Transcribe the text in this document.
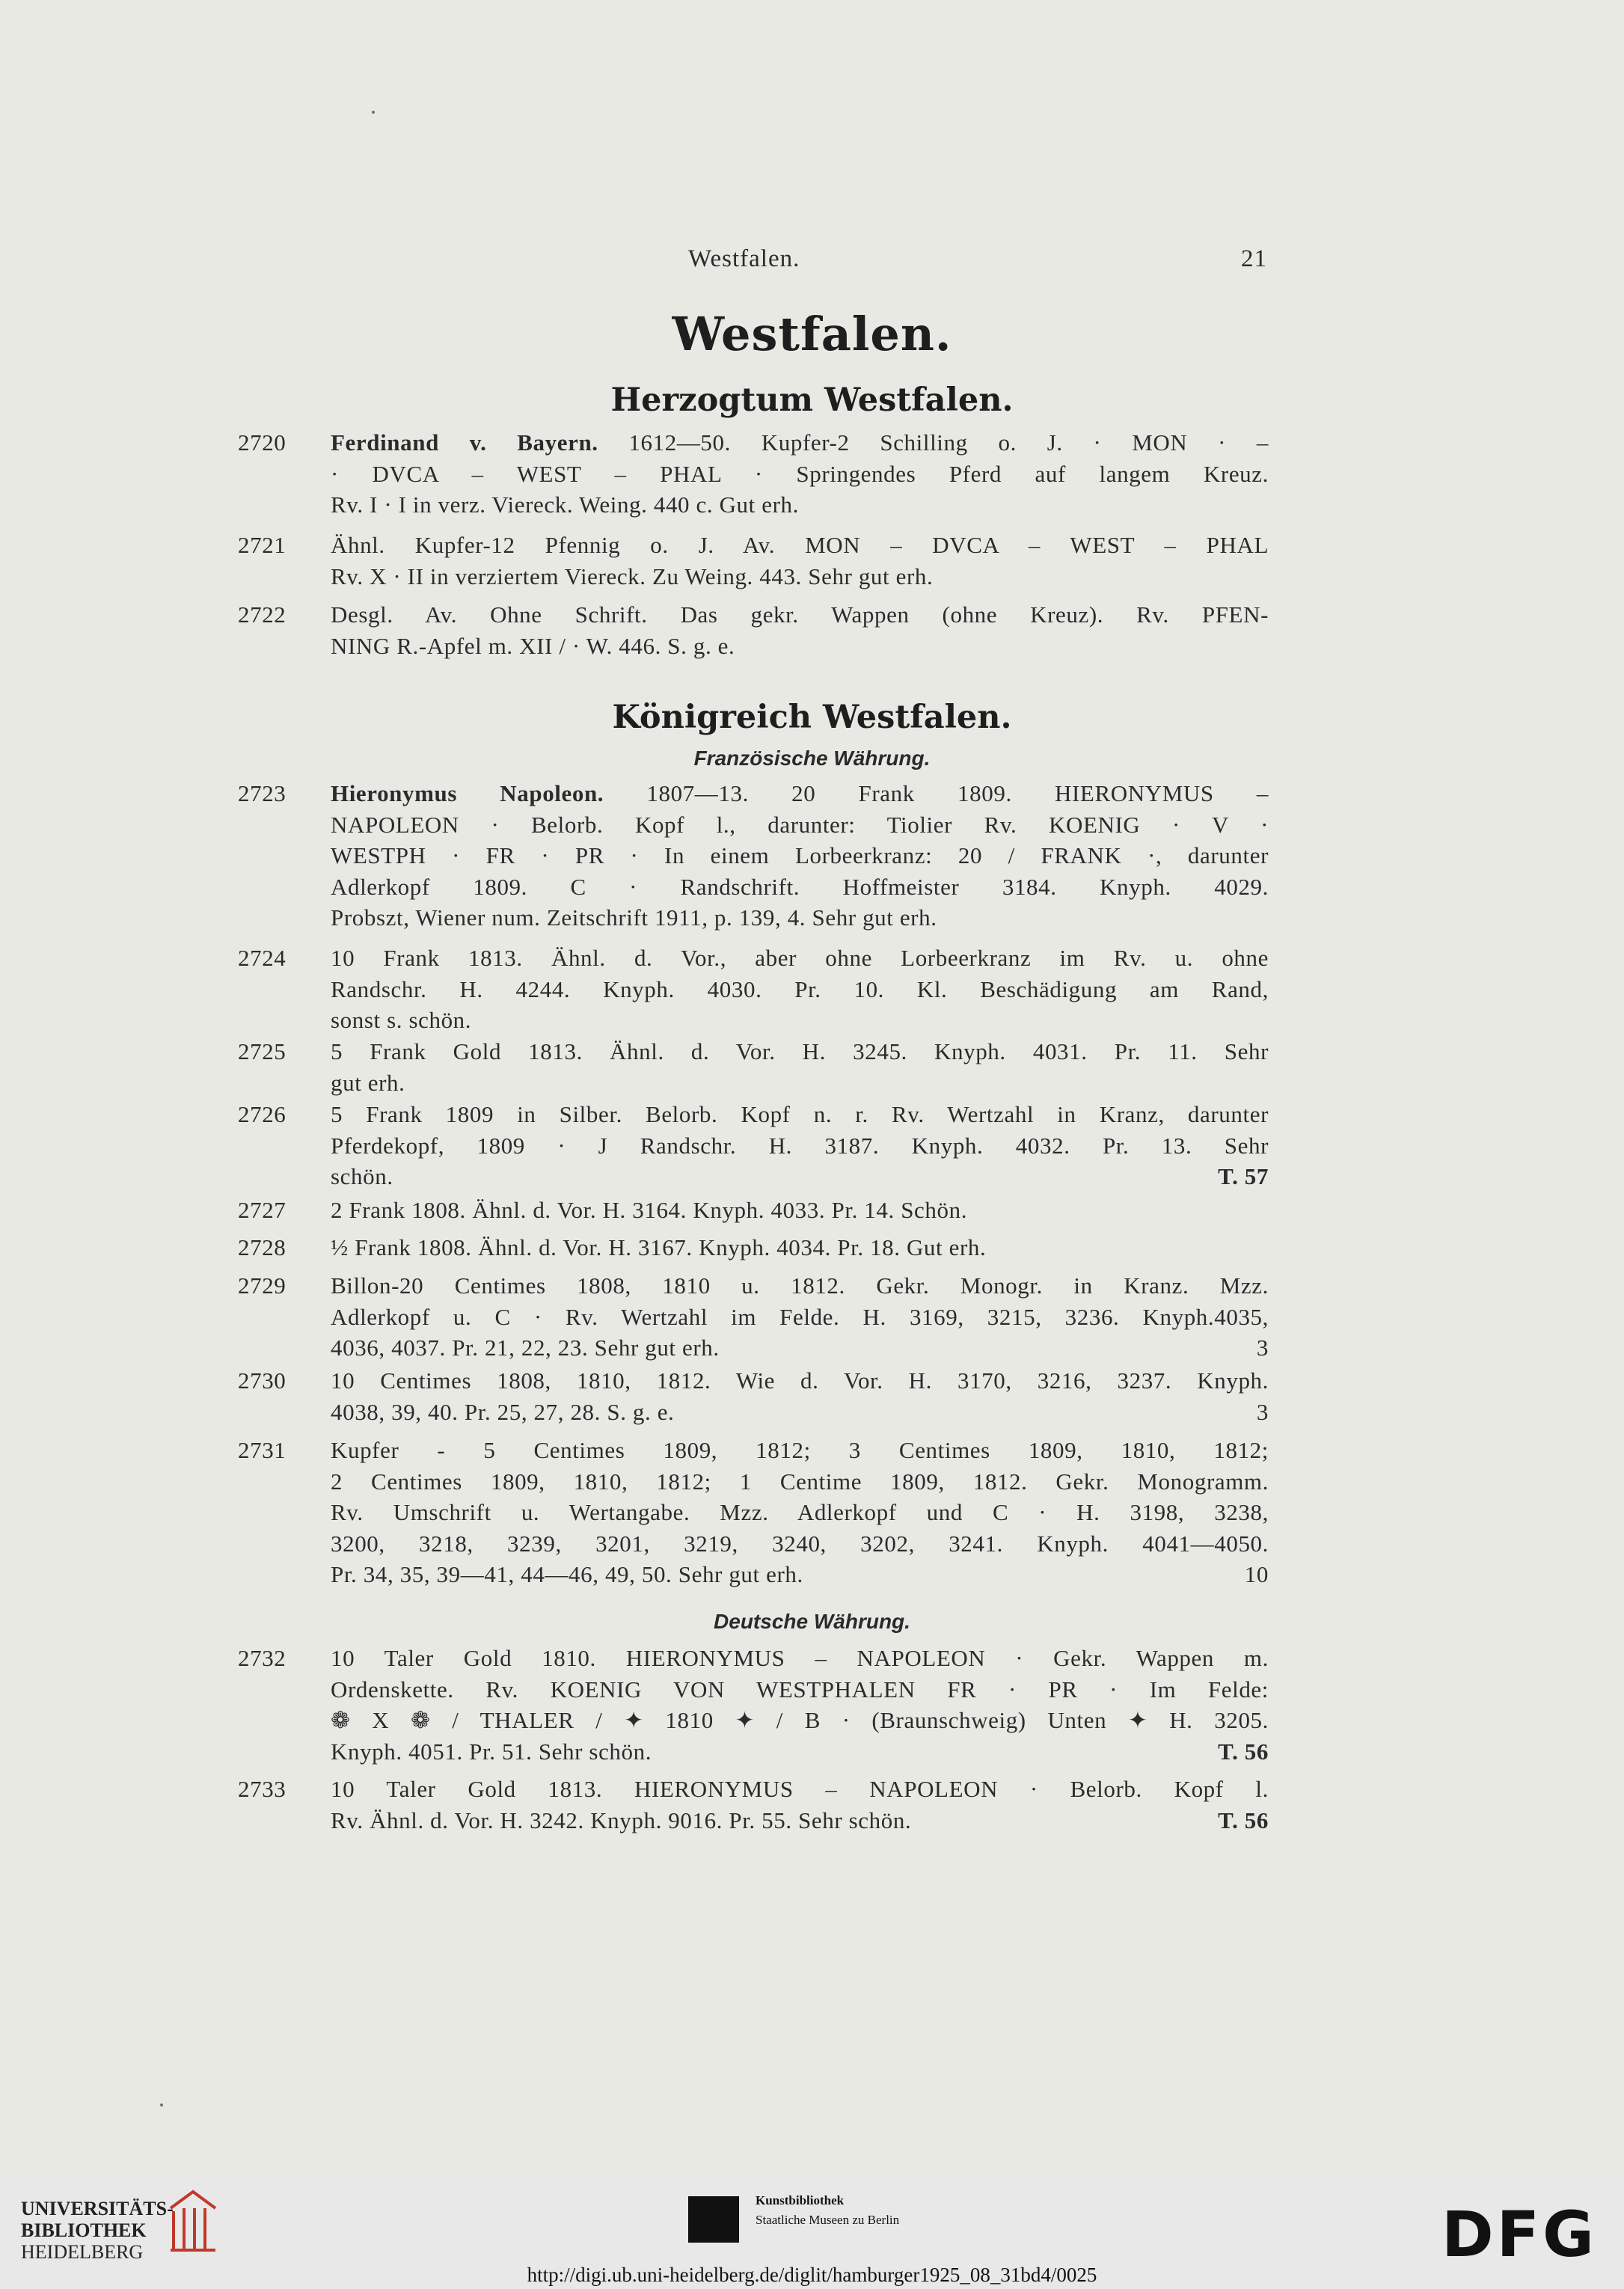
Westfalen.	21
Westfalen.
Herzogtum Westfalen.
Königreich Westfalen.
Französische Währung.
Deutsche Währung.
2720	Ferdinand v. Bayern. 1612—50. Kupfer-2 Schilling o. J. · MON · –
· DVCA – WEST – PHAL · Springendes Pferd auf langem Kreuz.
Rv. I · I in verz. Viereck. Weing. 440 c. Gut erh.
2721	Ähnl. Kupfer-12 Pfennig o. J. Av. MON – DVCA – WEST – PHAL
Rv. X · II in verziertem Viereck. Zu Weing. 443. Sehr gut erh.
2722	Desgl. Av. Ohne Schrift. Das gekr. Wappen (ohne Kreuz). Rv. PFEN-
NING R.-Apfel m. XII / · W. 446. S. g. e.
2723	Hieronymus Napoleon. 1807—13. 20 Frank 1809. HIERONYMUS –
NAPOLEON · Belorb. Kopf l., darunter: Tiolier Rv. KOENIG · V ·
WESTPH · FR · PR · In einem Lorbeerkranz: 20 / FRANK ·, darunter
Adlerkopf 1809. C · Randschrift. Hoffmeister 3184. Knyph. 4029.
Probszt, Wiener num. Zeitschrift 1911, p. 139, 4. Sehr gut erh.
2724	10 Frank 1813. Ähnl. d. Vor., aber ohne Lorbeerkranz im Rv. u. ohne
Randschr. H. 4244. Knyph. 4030. Pr. 10. Kl. Beschädigung am Rand,
sonst s. schön.
2725	5 Frank Gold 1813. Ähnl. d. Vor. H. 3245. Knyph. 4031. Pr. 11. Sehr
gut erh.
2726	5 Frank 1809 in Silber. Belorb. Kopf n. r. Rv. Wertzahl in Kranz, darunter
Pferdekopf, 1809 · J Randschr. H. 3187. Knyph. 4032. Pr. 13. Sehr
schön.	T. 57
2727	2 Frank 1808. Ähnl. d. Vor. H. 3164. Knyph. 4033. Pr. 14. Schön.
2728	½ Frank 1808. Ähnl. d. Vor. H. 3167. Knyph. 4034. Pr. 18. Gut erh.
2729	Billon-20 Centimes 1808, 1810 u. 1812. Gekr. Monogr. in Kranz. Mzz.
Adlerkopf u. C · Rv. Wertzahl im Felde. H. 3169, 3215, 3236. Knyph.4035,
4036, 4037. Pr. 21, 22, 23. Sehr gut erh.	3
2730	10 Centimes 1808, 1810, 1812. Wie d. Vor. H. 3170, 3216, 3237. Knyph.
4038, 39, 40. Pr. 25, 27, 28. S. g. e.	3
2731	Kupfer - 5 Centimes 1809, 1812; 3 Centimes 1809, 1810, 1812;
2 Centimes 1809, 1810, 1812; 1 Centime 1809, 1812. Gekr. Monogramm.
Rv. Umschrift u. Wertangabe. Mzz. Adlerkopf und C · H. 3198, 3238,
3200, 3218, 3239, 3201, 3219, 3240, 3202, 3241. Knyph. 4041—4050.
Pr. 34, 35, 39—41, 44—46, 49, 50. Sehr gut erh.	10
2732	10 Taler Gold 1810. HIERONYMUS – NAPOLEON · Gekr. Wappen m.
Ordenskette. Rv. KOENIG VON WESTPHALEN FR · PR · Im Felde:
❁ X ❁ / THALER / ✦ 1810 ✦ / B · (Braunschweig) Unten ✦ H. 3205.
Knyph. 4051. Pr. 51. Sehr schön.	T. 56
2733	10 Taler Gold 1813. HIERONYMUS – NAPOLEON · Belorb. Kopf l.
Rv. Ähnl. d. Vor. H. 3242. Knyph. 9016. Pr. 55. Sehr schön.	T. 56
UNIVERSITÄTS-
BIBLIOTHEK
HEIDELBERG
Kunstbibliothek
Staatliche Museen zu Berlin	DFG
http://digi.ub.uni-heidelberg.de/diglit/hamburger1925_08_31bd4/0025
